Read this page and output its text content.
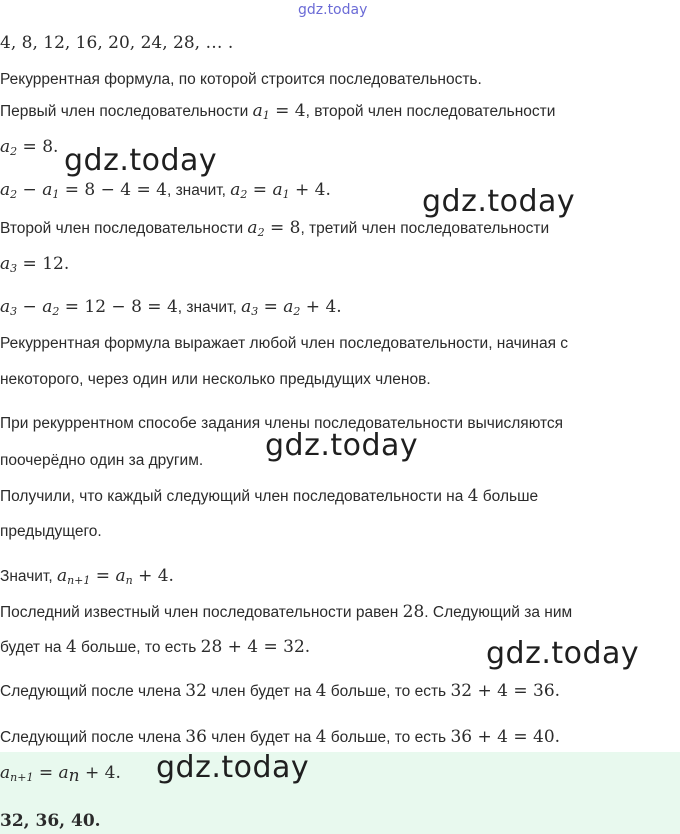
gdz.today
4, 8, 12, 16, 20, 24, 28, … .
Рекуррентная формула, по которой строится последовательность.
Первый член последовательности $a_1 = 4$, второй член последовательности
$a_2 = 8$.
$a_2 - a_1 = 8 - 4 = 4$, значит, $a_2 = a_1 + 4$.
Второй член последовательности $a_2 = 8$, третий член последовательности
$a_3 = 12$.
$a_3 - a_2 = 12 - 8 = 4$, значит, $a_3 = a_2 + 4$.
Рекуррентная формула выражает любой член последовательности, начиная с
некоторого, через один или несколько предыдущих членов.
При рекуррентном способе задания члены последовательности вычисляются
поочерёдно один за другим.
Получили, что каждый следующий член последовательности на 4 больше
предыдущего.
Значит, $a_{n+1} = a_n + 4$.
Последний известный член последовательности равен 28. Следующий за ним
будет на 4 больше, то есть 28 + 4 = 32.
Следующий после члена 32 член будет на 4 больше, то есть 32 + 4 = 36.
Следующий после члена 36 член будет на 4 больше, то есть 36 + 4 = 40.
$a_{n+1} = a_n + 4$.
32, 36, 40.
gdz.today
gdz.today
gdz.today
gdz.today
gdz.today
